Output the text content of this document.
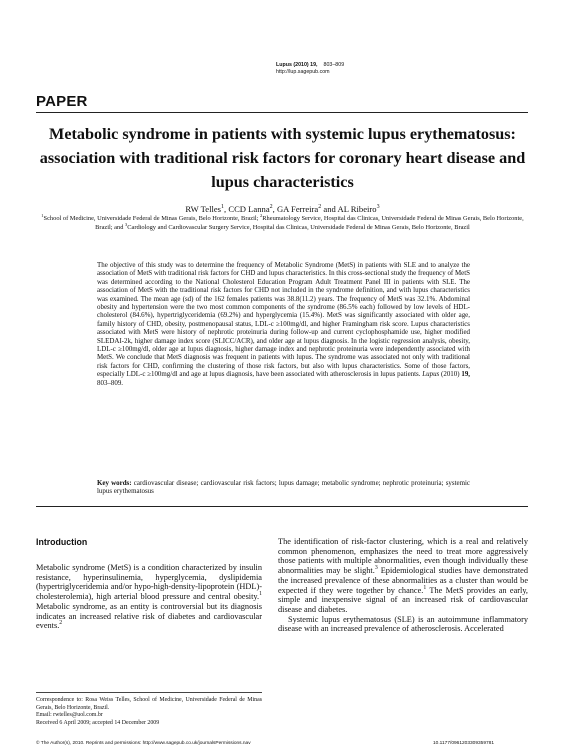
Lupus (2010) 19, 803–809
http://lup.sagepub.com
PAPER
Metabolic syndrome in patients with systemic lupus erythematosus: association with traditional risk factors for coronary heart disease and lupus characteristics
RW Telles$^1$, CCD Lanna$^2$, GA Ferreira$^2$ and AL Ribeiro$^3$
$^1$School of Medicine, Universidade Federal de Minas Gerais, Belo Horizonte, Brazil; $^2$Rheumatology Service, Hospital das Clinicas, Universidade Federal de Minas Gerais, Belo Horizonte, Brazil; and $^3$Cardiology and Cardiovascular Surgery Service, Hospital das Clinicas, Universidade Federal de Minas Gerais, Belo Horizonte, Brazil
The objective of this study was to determine the frequency of Metabolic Syndrome (MetS) in patients with SLE and to analyze the association of MetS with traditional risk factors for CHD and lupus characteristics. In this cross-sectional study the frequency of MetS was determined according to the National Cholesterol Education Program Adult Treatment Panel III in patients with SLE. The association of MetS with the traditional risk factors for CHD not included in the syndrome definition, and with lupus characteristics was examined. The mean age (sd) of the 162 females patients was 38.8(11.2) years. The frequency of MetS was 32.1%. Abdominal obesity and hypertension were the two most common components of the syndrome (86.5% each) followed by low levels of HDL-cholesterol (84.6%), hypertriglyceridemia (69.2%) and hyperglycemia (15.4%). MetS was significantly associated with older age, family history of CHD, obesity, postmenopausal status, LDL-c ≥100mg/dl, and higher Framingham risk score. Lupus characteristics associated with MetS were history of nephrotic proteinuria during follow-up and current cyclophosphamide use, higher modified SLEDAI-2k, higher damage index score (SLICC/ACR), and older age at lupus diagnosis. In the logistic regression analysis, obesity, LDL-c ≥100mg/dl, older age at lupus diagnosis, higher damage index and nephrotic proteinuria were independently associated with MetS. We conclude that MetS diagnosis was frequent in patients with lupus. The syndrome was associated not only with traditional risk factors for CHD, confirming the clustering of those risk factors, but also with lupus characteristics. Some of those factors, especially LDL-c ≥100mg/dl and age at lupus diagnosis, have been associated with atherosclerosis in lupus patients. Lupus (2010) 19, 803–809.
Key words: cardiovascular disease; cardiovascular risk factors; lupus damage; metabolic syndrome; nephrotic proteinuria; systemic lupus erythematosus
Introduction

Metabolic syndrome (MetS) is a condition characterized by insulin resistance, hyperinsulinemia, hyperglycemia, dyslipidemia (hypertriglyceridemia and/or hypo-high-density-lipoprotein (HDL)-cholesterolemia), high arterial blood pressure and central obesity.$^1$ Metabolic syndrome, as an entity is controversial but its diagnosis indicates an increased relative risk of diabetes and cardiovascular events.$^2$

The identification of risk-factor clustering, which is a real and relatively common phenomenon, emphasizes the need to treat more aggressively those patients with multiple abnormalities, even though individually these abnormalities may be slight.$^3$ Epidemiological studies have demonstrated the increased prevalence of these abnormalities as a cluster than would be expected if they were together by chance.$^1$ The MetS provides an early, simple and inexpensive signal of an increased risk of cardiovascular disease and diabetes.

Systemic lupus erythematosus (SLE) is an autoimmune inflammatory disease with an increased prevalence of atherosclerosis. Accelerated

Correspondence to: Rosa Weiss Telles, School of Medicine, Universidade Federal de Minas Gerais, Belo Horizonte, Brazil.
Email: rwtelles@uol.com.br
Received 6 April 2009; accepted 14 December 2009
© The Author(s), 2010. Reprints and permissions: http://www.sagepub.co.uk/journalsPermissions.nav	10.1177/0961203309359781
